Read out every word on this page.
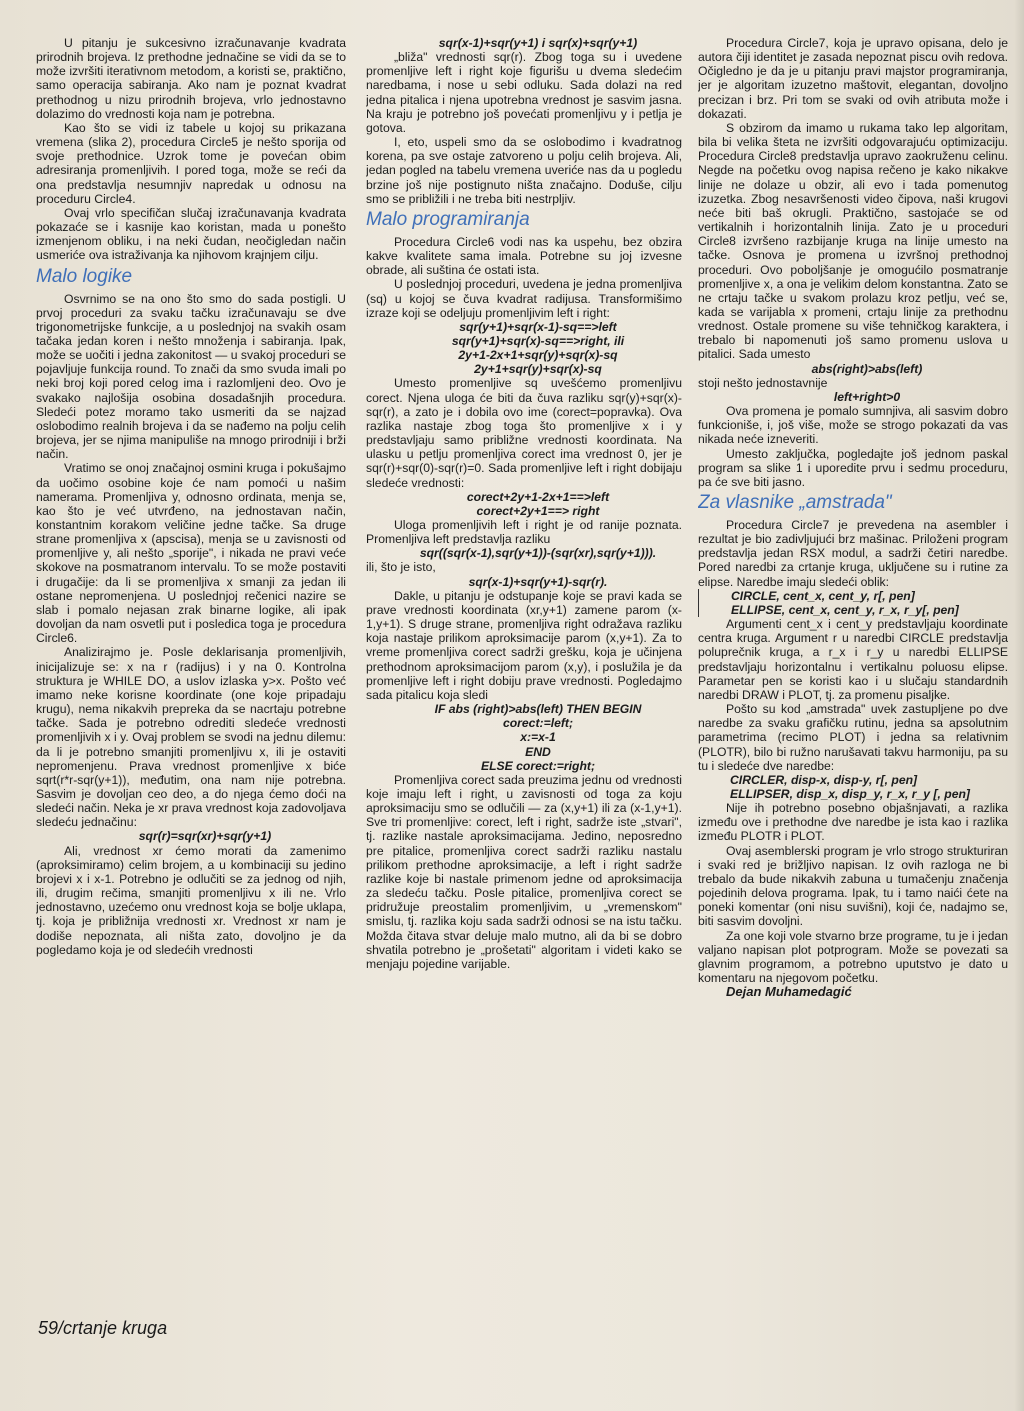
U pitanju je sukcesivno izračunavanje kvadrata prirodnih brojeva. Iz prethodne jednačine se vidi da se to može izvršiti iterativnom metodom, a koristi se, praktično, samo operacija sabiranja. Ako nam je poznat kvadrat prethodnog u nizu prirodnih brojeva, vrlo jednostavno dolazimo do vrednosti koja nam je potrebna.

Kao što se vidi iz tabele u kojoj su prikazana vremena (slika 2), procedura Circle5 je nešto sporija od svoje prethodnice. Uzrok tome je povećan obim adresiranja promenljivih. I pored toga, može se reći da ona predstavlja nesumnjiv napredak u odnosu na proceduru Circle4.

Ovaj vrlo specifičan slučaj izračunavanja kvadrata pokazaće se i kasnije kao koristan, mada u ponešto izmenjenom obliku, i na neki čudan, neočigledan način usmeriće ova istraživanja ka njihovom krajnjem cilju.

Malo logike

Osvrnimo se na ono što smo do sada postigli. U prvoj proceduri za svaku tačku izračunavaju se dve trigonometrijske funkcije, a u poslednjoj na svakih osam tačaka jedan koren i nešto množenja i sabiranja. Ipak, može se uočiti i jedna zakonitost — u svakoj proceduri se pojavljuje funkcija round. To znači da smo svuda imali po neki broj koji pored celog ima i razlomljeni deo. Ovo je svakako najlošija osobina dosadašnjih procedura. Sledeći potez moramo tako usmeriti da se najzad oslobodimo realnih brojeva i da se nađemo na polju celih brojeva, jer se njima manipuliše na mnogo prirodniji i brži način.

Vratimo se onoj značajnoj osmini kruga i pokušajmo da uočimo osobine koje će nam pomoći u našim namerama. Promenljiva y, odnosno ordinata, menja se, kao što je već utvrđeno, na jednostavan način, konstantnim korakom veličine jedne tačke. Sa druge strane promenljiva x (apscisa), menja se u zavisnosti od promenljive y, ali nešto „sporije", i nikada ne pravi veće skokove na posmatranom intervalu. To se može postaviti i drugačije: da li se promenljiva x smanji za jedan ili ostane nepromenjena. U poslednjoj rečenici nazire se slab i pomalo nejasan zrak binarne logike, ali ipak dovoljan da nam osvetli put i posledica toga je procedura Circle6.

Analizirajmo je. Posle deklarisanja promenljivih, inicijalizuje se: x na r (radijus) i y na 0. Kontrolna struktura je WHILE DO, a uslov izlaska y>x. Pošto već imamo neke korisne koordinate (one koje pripadaju krugu), nema nikakvih prepreka da se nacrtaju potrebne tačke. Sada je potrebno odrediti sledeće vrednosti promenljivih x i y. Ovaj problem se svodi na jednu dilemu: da li je potrebno smanjiti promenljivu x, ili je ostaviti nepromenjenu. Prava vrednost promenljive x biće sqrt(r*r-sqr(y+1)), međutim, ona nam nije potrebna. Sasvim je dovoljan ceo deo, a do njega ćemo doći na sledeći način. Neka je xr prava vrednost koja zadovoljava sledeću jednačinu:

sqr(r)=sqr(xr)+sqr(y+1)

Ali, vrednost xr ćemo morati da zamenimo (aproksimiramo) celim brojem, a u kombinaciji su jedino brojevi x i x-1. Potrebno je odlučiti se za jednog od njih, ili, drugim rečima, smanjiti promenljivu x ili ne. Vrlo jednostavno, uzećemo onu vrednost koja se bolje uklapa, tj. koja je približnija vrednosti xr. Vrednost xr nam je dodiše nepoznata, ali ništa zato, dovoljno je da pogledamo koja je od sledećih vrednosti

sqr(x-1)+sqr(y+1) i sqr(x)+sqr(y+1)

„bliža" vrednosti sqr(r). Zbog toga su i uvedene promenljive left i right koje figurišu u dvema sledećim naredbama, i nose u sebi odluku. Sada dolazi na red jedna pitalica i njena upotrebna vrednost je sasvim jasna. Na kraju je potrebno još povećati promenljivu y i petlja je gotova.

I, eto, uspeli smo da se oslobodimo i kvadratnog korena, pa sve ostaje zatvoreno u polju celih brojeva. Ali, jedan pogled na tabelu vremena uveriće nas da u pogledu brzine još nije postignuto ništa značajno. Doduše, cilju smo se približili i ne treba biti nestrpljiv.

Malo programiranja

Procedura Circle6 vodi nas ka uspehu, bez obzira kakve kvalitete sama imala. Potrebne su joj izvesne obrade, ali suština će ostati ista.

U poslednjoj proceduri, uvedena je jedna promenljiva (sq) u kojoj se čuva kvadrat radijusa. Transformišimo izraze koji se odeljuju promenljivim left i right:

sqr(y+1)+sqr(x-1)-sq==>left

sqr(y+1)+sqr(x)-sq==>right, ili

2y+1-2x+1+sqr(y)+sqr(x)-sq

2y+1+sqr(y)+sqr(x)-sq

Umesto promenljive sq uvešćemo promenljivu corect. Njena uloga će biti da čuva razliku sqr(y)+sqr(x)-sqr(r), a zato je i dobila ovo ime (corect=popravka). Ova razlika nastaje zbog toga što promenljive x i y predstavljaju samo približne vrednosti koordinata. Na ulasku u petlju promenljiva corect ima vrednost 0, jer je sqr(r)+sqr(0)-sqr(r)=0. Sada promenljive left i right dobijaju sledeće vrednosti:

corect+2y+1-2x+1==>left

corect+2y+1==> right

Uloga promenljivih left i right je od ranije poznata. Promenljiva left predstavlja razliku

sqr((sqr(x-1),sqr(y+1))-(sqr(xr),sqr(y+1))).

ili, što je isto,

sqr(x-1)+sqr(y+1)-sqr(r).

Dakle, u pitanju je odstupanje koje se pravi kada se prave vrednosti koordinata (xr,y+1) zamene parom (x-1,y+1). S druge strane, promenljiva right odražava razliku koja nastaje prilikom aproksimacije parom (x,y+1). Za to vreme promenljiva corect sadrži grešku, koja je učinjena prethodnom aproksimacijom parom (x,y), i poslužila je da promenljive left i right dobiju prave vrednosti. Pogledajmo sada pitalicu koja sledi

IF abs (right)>abs(left) THEN BEGIN

corect:=left;

x:=x-1

END

ELSE corect:=right;

Promenljiva corect sada preuzima jednu od vrednosti koje imaju left i right, u zavisnosti od toga za koju aproksimaciju smo se odlučili — za (x,y+1) ili za (x-1,y+1). Sve tri promenljive: corect, left i right, sadrže iste „stvari", tj. razlike nastale aproksimacijama. Jedino, neposredno pre pitalice, promenljiva corect sadrži razliku nastalu prilikom prethodne aproksimacije, a left i right sadrže razlike koje bi nastale primenom jedne od aproksimacija za sledeću tačku. Posle pitalice, promenljiva corect se pridružuje preostalim promenljivim, u „vremenskom" smislu, tj. razlika koju sada sadrži odnosi se na istu tačku. Možda čitava stvar deluje malo mutno, ali da bi se dobro shvatila potrebno je „prošetati" algoritam i videti kako se menjaju pojedine varijable.

Procedura Circle7, koja je upravo opisana, delo je autora čiji identitet je zasada nepoznat piscu ovih redova. Očigledno je da je u pitanju pravi majstor programiranja, jer je algoritam izuzetno maštovit, elegantan, dovoljno precizan i brz. Pri tom se svaki od ovih atributa može i dokazati.

S obzirom da imamo u rukama tako lep algoritam, bila bi velika šteta ne izvršiti odgovarajuću optimizaciju. Procedura Circle8 predstavlja upravo zaokruženu celinu. Negde na početku ovog napisa rečeno je kako nikakve linije ne dolaze u obzir, ali evo i tada pomenutog izuzetka. Zbog nesavršenosti video čipova, naši krugovi neće biti baš okrugli. Praktično, sastojaće se od vertikalnih i horizontalnih linija. Zato je u proceduri Circle8 izvršeno razbijanje kruga na linije umesto na tačke. Osnova je promena u izvršnoj prethodnoj proceduri. Ovo poboljšanje je omogućilo posmatranje promenljive x, a ona je velikim delom konstantna. Zato se ne crtaju tačke u svakom prolazu kroz petlju, već se, kada se varijabla x promeni, crtaju linije za prethodnu vrednost. Ostale promene su više tehničkog karaktera, i trebalo bi napomenuti još samo promenu uslova u pitalici. Sada umesto

abs(right)>abs(left)

stoji nešto jednostavnije

left+right>0

Ova promena je pomalo sumnjiva, ali sasvim dobro funkcioniše, i, još više, može se strogo pokazati da vas nikada neće izneveriti.

Umesto zaključka, pogledajte još jednom paskal program sa slike 1 i uporedite prvu i sedmu proceduru, pa će sve biti jasno.

Za vlasnike „amstrada"

Procedura Circle7 je prevedena na asembler i rezultat je bio zadivljujući brz mašinac. Priloženi program predstavlja jedan RSX modul, a sadrži četiri naredbe. Pored naredbi za crtanje kruga, uključene su i rutine za elipse. Naredbe imaju sledeći oblik:

CIRCLE, cent_x, cent_y, r[, pen]

ELLIPSE, cent_x, cent_y, r_x, r_y[, pen]

Argumenti cent_x i cent_y predstavljaju koordinate centra kruga. Argument r u naredbi CIRCLE predstavlja poluprečnik kruga, a r_x i r_y u naredbi ELLIPSE predstavljaju horizontalnu i vertikalnu poluosu elipse. Parametar pen se koristi kao i u slučaju standardnih naredbi DRAW i PLOT, tj. za promenu pisaljke.

Pošto su kod „amstrada" uvek zastupljene po dve naredbe za svaku grafičku rutinu, jedna sa apsolutnim parametrima (recimo PLOT) i jedna sa relativnim (PLOTR), bilo bi ružno narušavati takvu harmoniju, pa su tu i sledeće dve naredbe:

CIRCLER, disp-x, disp-y, r[, pen]

ELLIPSER, disp_x, disp_y, r_x, r_y [, pen]

Nije ih potrebno posebno objašnjavati, a razlika između ove i prethodne dve naredbe je ista kao i razlika između PLOTR i PLOT.

Ovaj asemblerski program je vrlo strogo strukturiran i svaki red je brižljivo napisan. Iz ovih razloga ne bi trebalo da bude nikakvih zabuna u tumačenju značenja pojedinih delova programa. Ipak, tu i tamo naići ćete na poneki komentar (oni nisu suvišni), koji će, nadajmo se, biti sasvim dovoljni.

Za one koji vole stvarno brze programe, tu je i jedan valjano napisan plot potprogram. Može se povezati sa glavnim programom, a potrebno uputstvo je dato u komentaru na njegovom početku.

Dejan Muhamedagić

59/crtanje kruga
